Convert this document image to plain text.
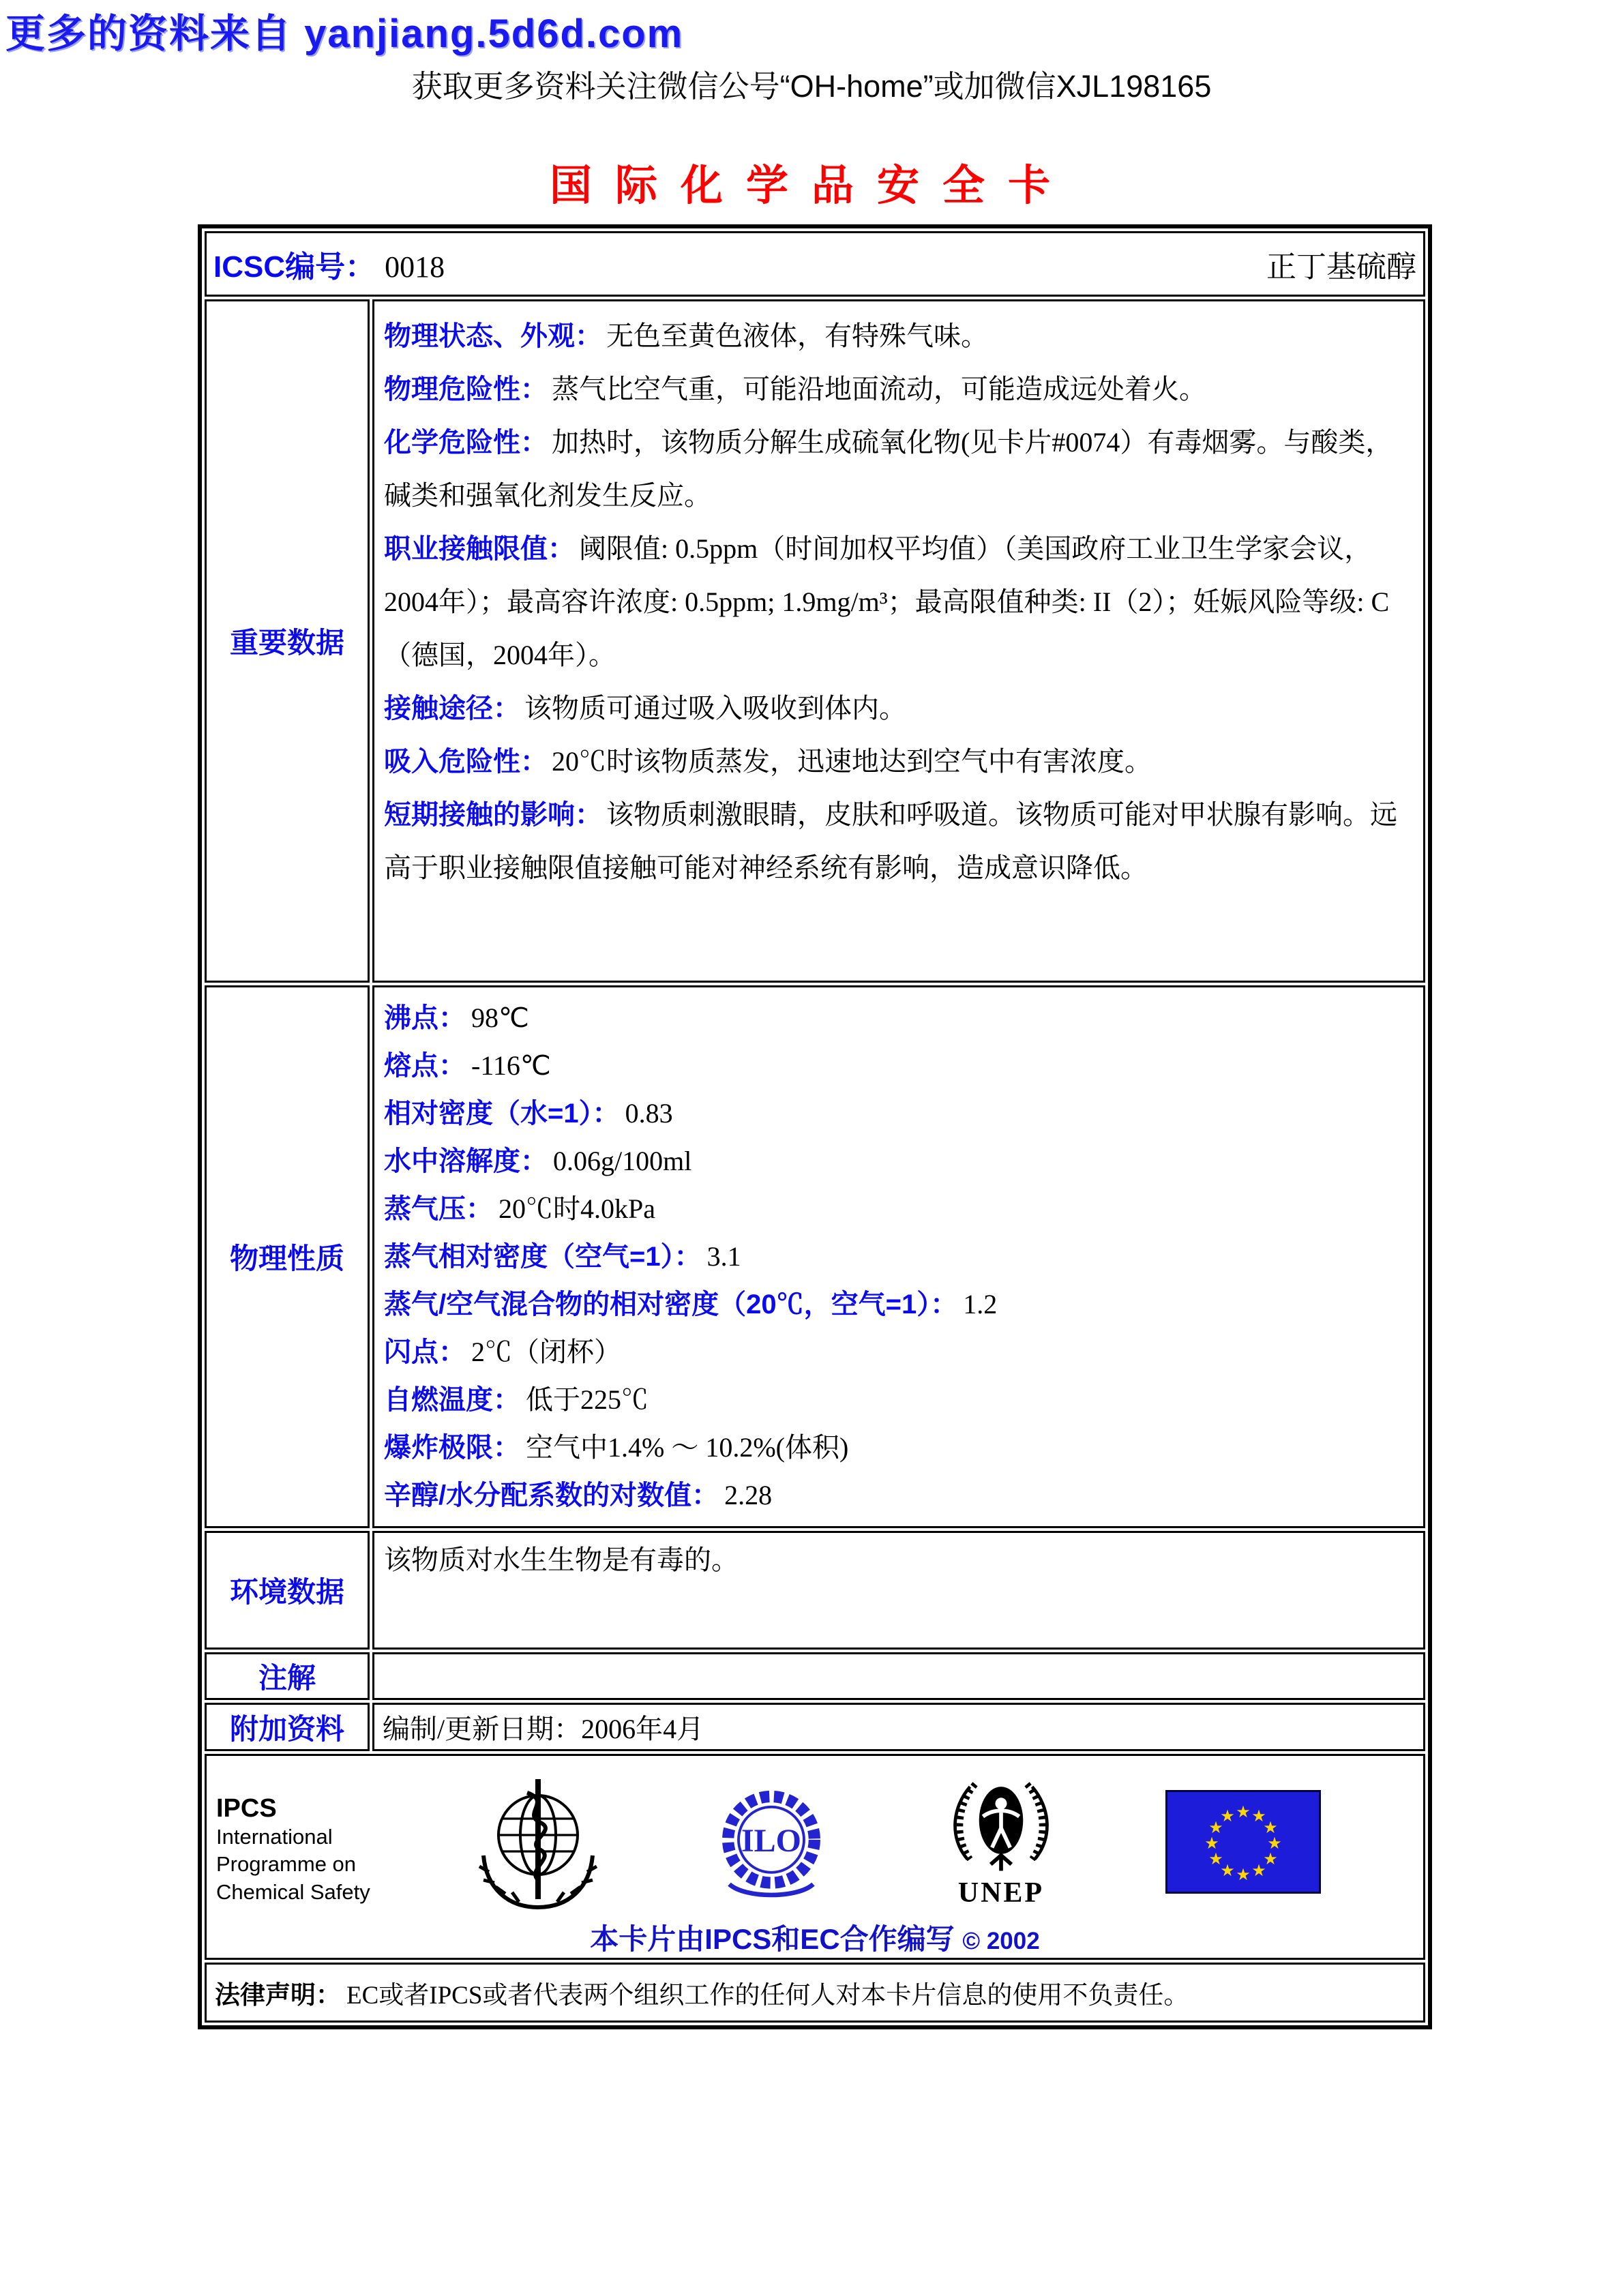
更多的资料来自 yanjiang.5d6d.com
获取更多资料关注微信公号“OH-home”或加微信XJL198165
国际化学品安全卡
ICSC编号： 0018	正丁基硫醇
重要数据

物理状态、外观： 无色至黄色液体，有特殊气味。

物理危险性： 蒸气比空气重，可能沿地面流动，可能造成远处着火。

化学危险性： 加热时，该物质分解生成硫氧化物(见卡片#0074）有毒烟雾。与酸类，碱类和强氧化剂发生反应。

职业接触限值： 阈限值: 0.5ppm（时间加权平均值）（美国政府工业卫生学家会议，2004年）；最高容许浓度: 0.5ppm; 1.9mg/m³；最高限值种类: II（2）；妊娠风险等级: C（德国，2004年）。

接触途径： 该物质可通过吸入吸收到体内。

吸入危险性： 20℃时该物质蒸发，迅速地达到空气中有害浓度。

短期接触的影响： 该物质刺激眼睛，皮肤和呼吸道。该物质可能对甲状腺有影响。远高于职业接触限值接触可能对神经系统有影响，造成意识降低。

物理性质
沸点： 98℃
熔点： -116℃
相对密度（水=1）： 0.83
水中溶解度： 0.06g/100ml
蒸气压： 20℃时4.0kPa
蒸气相对密度（空气=1）： 3.1
蒸气/空气混合物的相对密度（20℃，空气=1）： 1.2
闪点： 2℃（闭杯）
自燃温度： 低于225℃
爆炸极限： 空气中1.4% ～ 10.2%(体积)
辛醇/水分配系数的对数值： 2.28
环境数据
该物质对水生生物是有毒的。
注解
附加资料	编制/更新日期：2006年4月
IPCS
International
Programme on
Chemical Safety
ILO
UNEP
★ ★
★
★
★
★
★
★
★
★
★
★
本卡片由IPCS和EC合作编写 © 2002
法律声明： EC或者IPCS或者代表两个组织工作的任何人对本卡片信息的使用不负责任。
